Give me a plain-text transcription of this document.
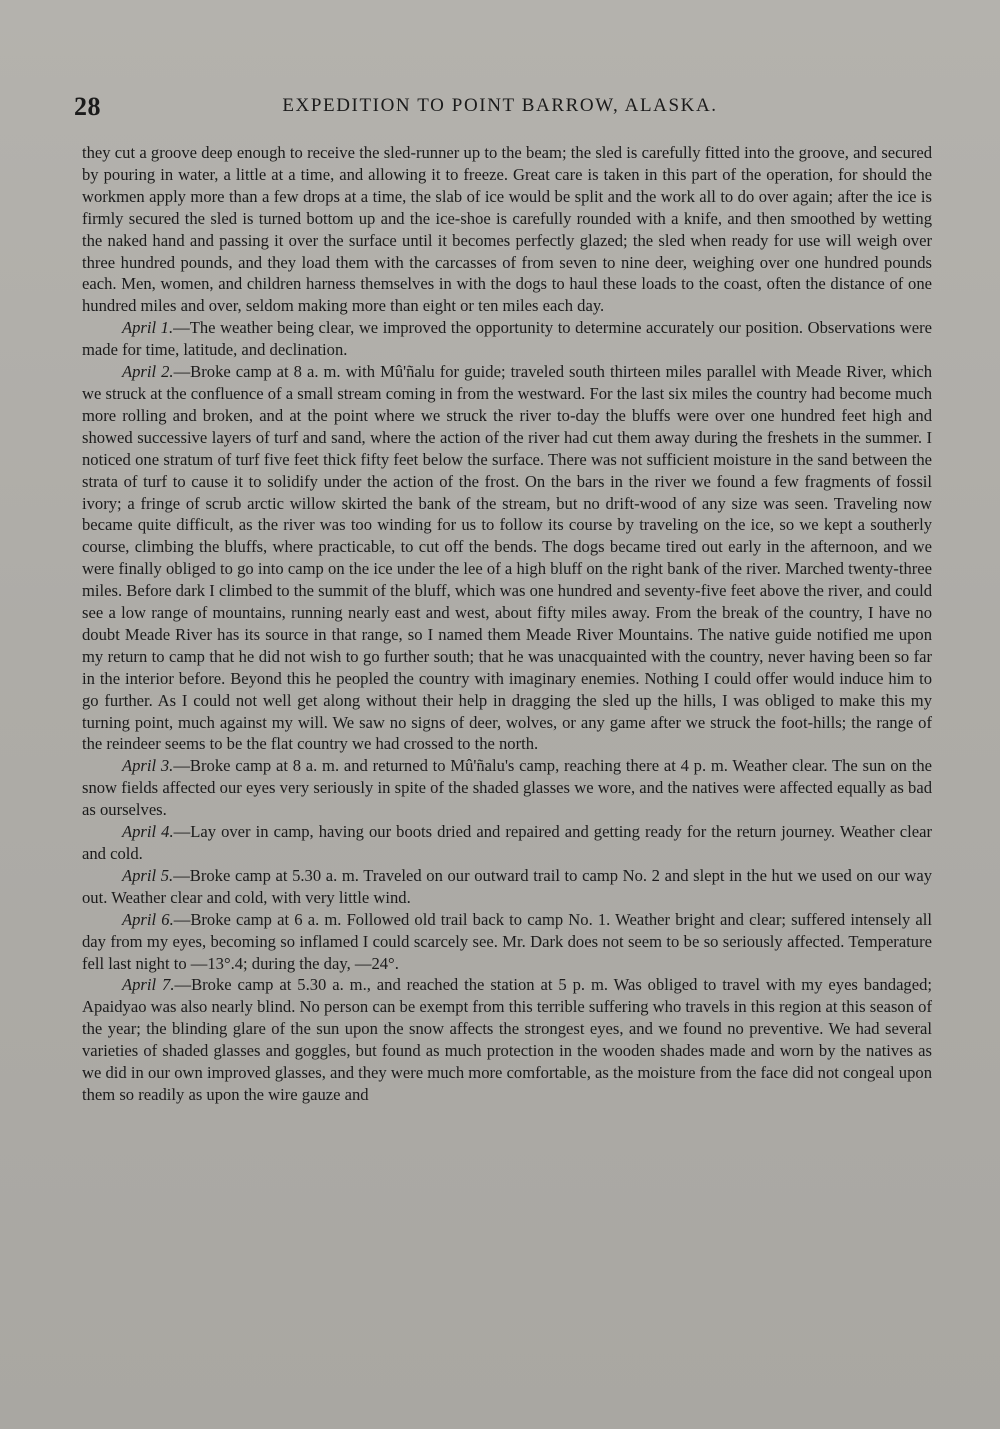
28	EXPEDITION TO POINT BARROW, ALASKA.

they cut a groove deep enough to receive the sled-runner up to the beam; the sled is carefully fitted into the groove, and secured by pouring in water, a little at a time, and allowing it to freeze. Great care is taken in this part of the operation, for should the workmen apply more than a few drops at a time, the slab of ice would be split and the work all to do over again; after the ice is firmly secured the sled is turned bottom up and the ice-shoe is carefully rounded with a knife, and then smoothed by wetting the naked hand and passing it over the surface until it becomes perfectly glazed; the sled when ready for use will weigh over three hundred pounds, and they load them with the carcasses of from seven to nine deer, weighing over one hundred pounds each. Men, women, and children harness themselves in with the dogs to haul these loads to the coast, often the distance of one hundred miles and over, seldom making more than eight or ten miles each day.

April 1.—The weather being clear, we improved the opportunity to determine accurately our position. Observations were made for time, latitude, and declination.

April 2.—Broke camp at 8 a. m. with Mû'ñalu for guide; traveled south thirteen miles parallel with Meade River, which we struck at the confluence of a small stream coming in from the westward. For the last six miles the country had become much more rolling and broken, and at the point where we struck the river to-day the bluffs were over one hundred feet high and showed successive layers of turf and sand, where the action of the river had cut them away during the freshets in the summer. I noticed one stratum of turf five feet thick fifty feet below the surface. There was not sufficient moisture in the sand between the strata of turf to cause it to solidify under the action of the frost. On the bars in the river we found a few fragments of fossil ivory; a fringe of scrub arctic willow skirted the bank of the stream, but no drift-wood of any size was seen. Traveling now became quite difficult, as the river was too winding for us to follow its course by traveling on the ice, so we kept a southerly course, climbing the bluffs, where practicable, to cut off the bends. The dogs became tired out early in the afternoon, and we were finally obliged to go into camp on the ice under the lee of a high bluff on the right bank of the river. Marched twenty-three miles. Before dark I climbed to the summit of the bluff, which was one hundred and seventy-five feet above the river, and could see a low range of mountains, running nearly east and west, about fifty miles away. From the break of the country, I have no doubt Meade River has its source in that range, so I named them Meade River Mountains. The native guide notified me upon my return to camp that he did not wish to go further south; that he was unacquainted with the country, never having been so far in the interior before. Beyond this he peopled the country with imaginary enemies. Nothing I could offer would induce him to go further. As I could not well get along without their help in dragging the sled up the hills, I was obliged to make this my turning point, much against my will. We saw no signs of deer, wolves, or any game after we struck the foot-hills; the range of the reindeer seems to be the flat country we had crossed to the north.

April 3.—Broke camp at 8 a. m. and returned to Mû'ñalu's camp, reaching there at 4 p. m. Weather clear. The sun on the snow fields affected our eyes very seriously in spite of the shaded glasses we wore, and the natives were affected equally as bad as ourselves.

April 4.—Lay over in camp, having our boots dried and repaired and getting ready for the return journey. Weather clear and cold.

April 5.—Broke camp at 5.30 a. m. Traveled on our outward trail to camp No. 2 and slept in the hut we used on our way out. Weather clear and cold, with very little wind.

April 6.—Broke camp at 6 a. m. Followed old trail back to camp No. 1. Weather bright and clear; suffered intensely all day from my eyes, becoming so inflamed I could scarcely see. Mr. Dark does not seem to be so seriously affected. Temperature fell last night to —13°.4; during the day, —24°.

April 7.—Broke camp at 5.30 a. m., and reached the station at 5 p. m. Was obliged to travel with my eyes bandaged; Apaidyao was also nearly blind. No person can be exempt from this terrible suffering who travels in this region at this season of the year; the blinding glare of the sun upon the snow affects the strongest eyes, and we found no preventive. We had several varieties of shaded glasses and goggles, but found as much protection in the wooden shades made and worn by the natives as we did in our own improved glasses, and they were much more comfortable, as the moisture from the face did not congeal upon them so readily as upon the wire gauze and
